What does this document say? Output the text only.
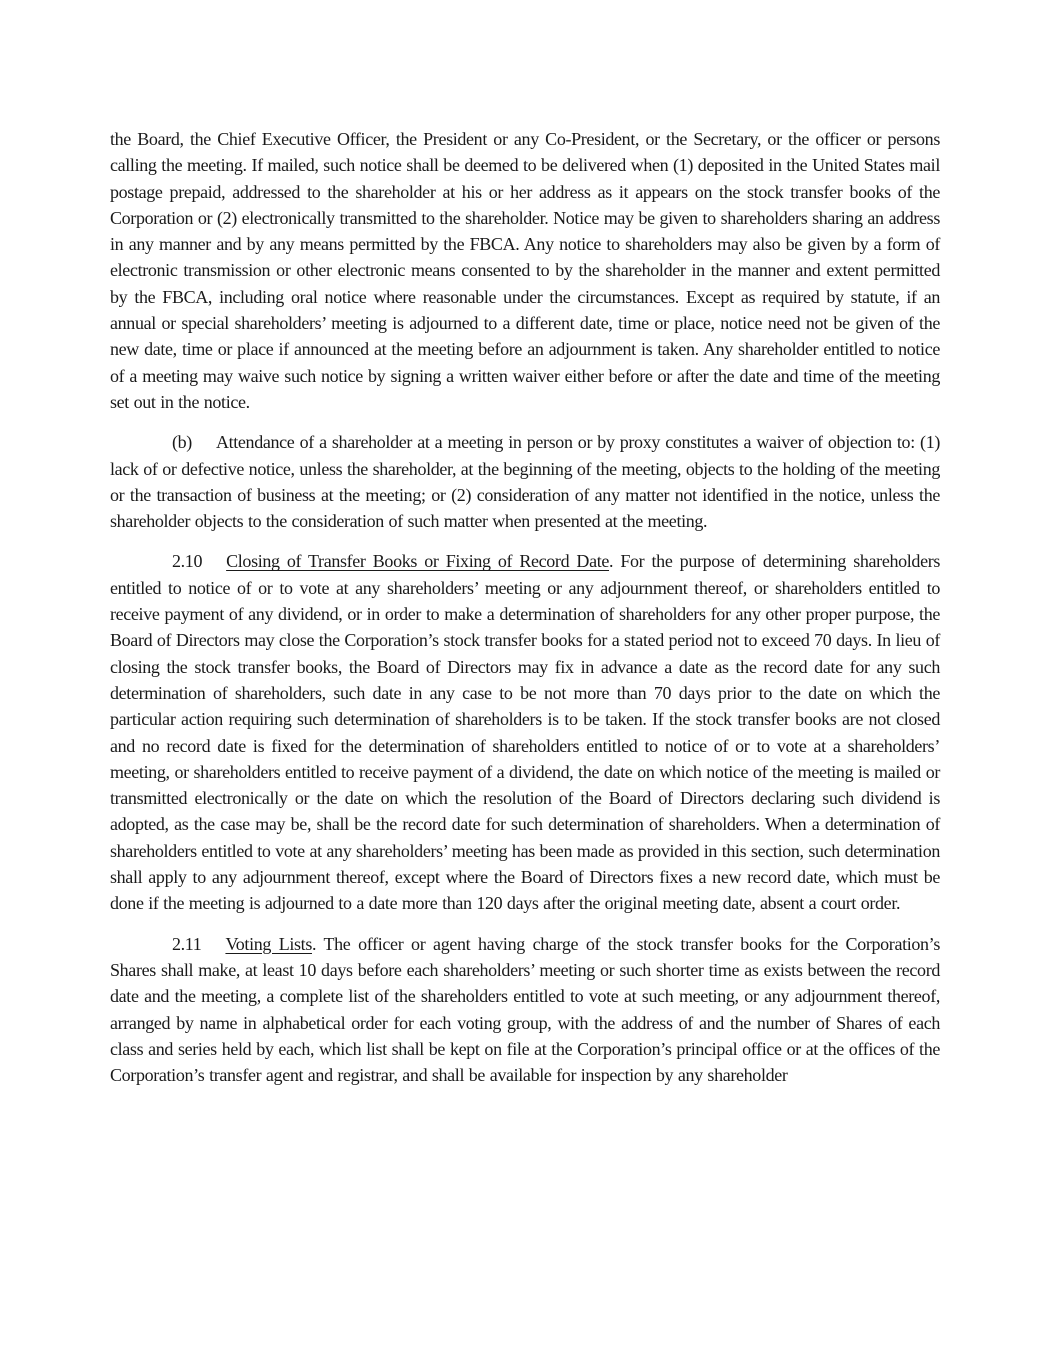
the Board, the Chief Executive Officer, the President or any Co-President, or the Secretary, or the officer or persons calling the meeting. If mailed, such notice shall be deemed to be delivered when (1) deposited in the United States mail postage prepaid, addressed to the shareholder at his or her address as it appears on the stock transfer books of the Corporation or (2) electronically transmitted to the shareholder. Notice may be given to shareholders sharing an address in any manner and by any means permitted by the FBCA. Any notice to shareholders may also be given by a form of electronic transmission or other electronic means consented to by the shareholder in the manner and extent permitted by the FBCA, including oral notice where reasonable under the circumstances. Except as required by statute, if an annual or special shareholders’ meeting is adjourned to a different date, time or place, notice need not be given of the new date, time or place if announced at the meeting before an adjournment is taken. Any shareholder entitled to notice of a meeting may waive such notice by signing a written waiver either before or after the date and time of the meeting set out in the notice.

(b) Attendance of a shareholder at a meeting in person or by proxy constitutes a waiver of objection to: (1) lack of or defective notice, unless the shareholder, at the beginning of the meeting, objects to the holding of the meeting or the transaction of business at the meeting; or (2) consideration of any matter not identified in the notice, unless the shareholder objects to the consideration of such matter when presented at the meeting.

2.10 Closing of Transfer Books or Fixing of Record Date. For the purpose of determining shareholders entitled to notice of or to vote at any shareholders’ meeting or any adjournment thereof, or shareholders entitled to receive payment of any dividend, or in order to make a determination of shareholders for any other proper purpose, the Board of Directors may close the Corporation’s stock transfer books for a stated period not to exceed 70 days. In lieu of closing the stock transfer books, the Board of Directors may fix in advance a date as the record date for any such determination of shareholders, such date in any case to be not more than 70 days prior to the date on which the particular action requiring such determination of shareholders is to be taken. If the stock transfer books are not closed and no record date is fixed for the determination of shareholders entitled to notice of or to vote at a shareholders’ meeting, or shareholders entitled to receive payment of a dividend, the date on which notice of the meeting is mailed or transmitted electronically or the date on which the resolution of the Board of Directors declaring such dividend is adopted, as the case may be, shall be the record date for such determination of shareholders. When a determination of shareholders entitled to vote at any shareholders’ meeting has been made as provided in this section, such determination shall apply to any adjournment thereof, except where the Board of Directors fixes a new record date, which must be done if the meeting is adjourned to a date more than 120 days after the original meeting date, absent a court order.

2.11 Voting Lists. The officer or agent having charge of the stock transfer books for the Corporation’s Shares shall make, at least 10 days before each shareholders’ meeting or such shorter time as exists between the record date and the meeting, a complete list of the shareholders entitled to vote at such meeting, or any adjournment thereof, arranged by name in alphabetical order for each voting group, with the address of and the number of Shares of each class and series held by each, which list shall be kept on file at the Corporation’s principal office or at the offices of the Corporation’s transfer agent and registrar, and shall be available for inspection by any shareholder
